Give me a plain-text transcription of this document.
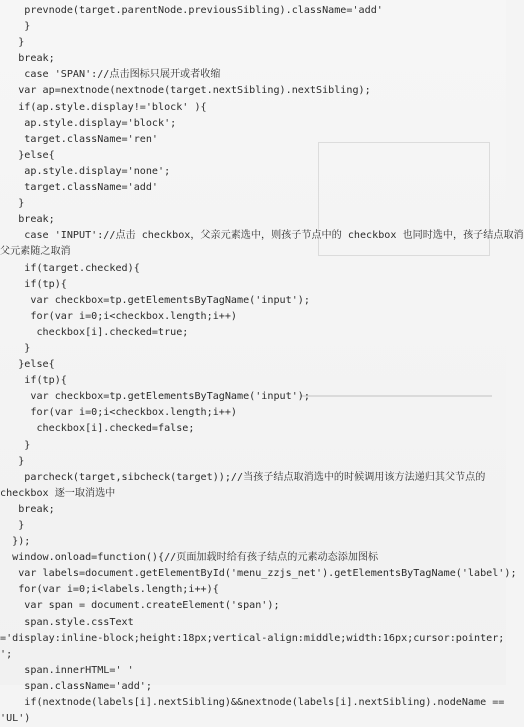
prevnode(target.parentNode.previousSibling).className='add'
}
}
break;
case 'SPAN'://点击图标只展开或者收缩
var ap=nextnode(nextnode(target.nextSibling).nextSibling);
if(ap.style.display!='block' ){
ap.style.display='block';
target.className='ren'
}else{
ap.style.display='none';
target.className='add'
}
break;
case 'INPUT'://点击 checkbox，父亲元素选中，则孩子节点中的 checkbox 也同时选中，孩子结点取消
父元素随之取消
if(target.checked){
if(tp){
var checkbox=tp.getElementsByTagName('input');
for(var i=0;i<checkbox.length;i++)
checkbox[i].checked=true;
}
}else{
if(tp){
var checkbox=tp.getElementsByTagName('input');
for(var i=0;i<checkbox.length;i++)
checkbox[i].checked=false;
}
}
parcheck(target,sibcheck(target));//当孩子结点取消选中的时候调用该方法递归其父节点的
checkbox 逐一取消选中
break;
}
});
window.onload=function(){//页面加载时给有孩子结点的元素动态添加图标
var labels=document.getElementById('menu_zzjs_net').getElementsByTagName('label');
for(var i=0;i<labels.length;i++){
var span = document.createElement('span');
span.style.cssText
='display:inline-block;height:18px;vertical-align:middle;width:16px;cursor:pointer;
';
span.innerHTML=' '
span.className='add';
if(nextnode(labels[i].nextSibling)&&nextnode(labels[i].nextSibling).nodeName ==
'UL')
